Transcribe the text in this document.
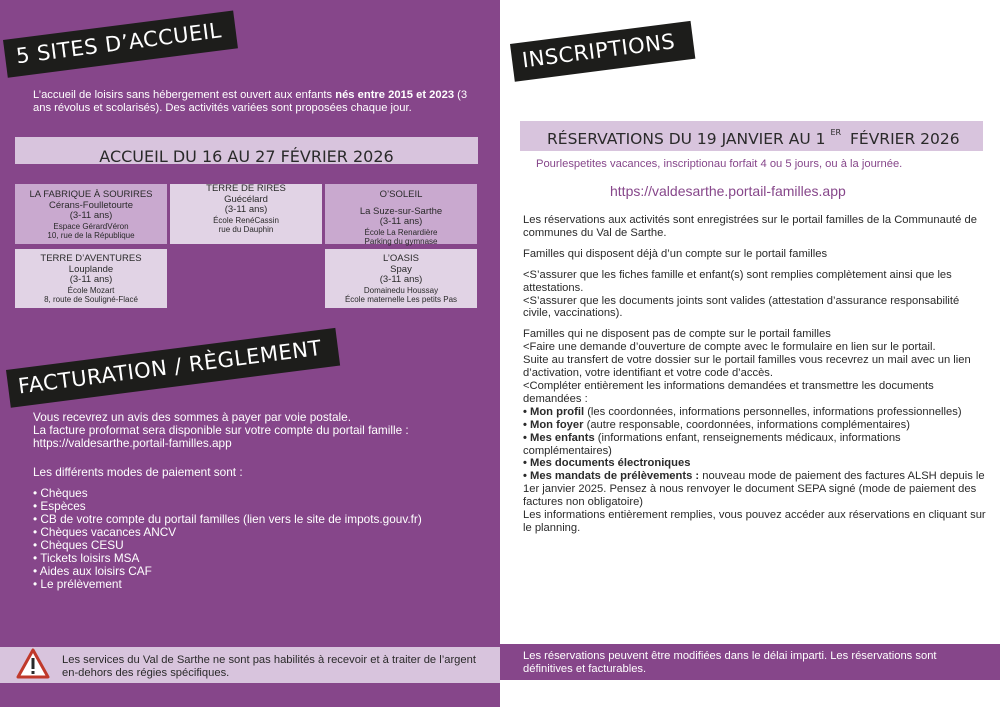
5 SITES D’ACCUEIL
L’accueil de loisirs sans hébergement est ouvert aux enfants nés entre 2015 et 2023 (3 ans révolus et scolarisés). Des activités variées sont proposées chaque jour.
ACCUEIL DU 16 AU 27 FÉVRIER 2026
LA FABRIQUE À SOURIRES
Cérans-Foulletourte
(3-11 ans)
Espace GérardVéron
10, rue de la République
TERRE DE RIRES
Guécélard
(3-11 ans)
École RenéCassin
rue du Dauphin
O’SOLEIL
La Suze-sur-Sarthe
(3-11 ans)
École La Renardière
Parking du gymnase
TERRE D’AVENTURES
Louplande
(3-11 ans)
École Mozart
8, route de Souligné-Flacé
L’OASIS
Spay
(3-11 ans)
Domainedu Houssay
École maternelle Les petits Pas
FACTURATION / RÈGLEMENT
Vous recevrez un avis des sommes à payer par voie postale.
La facture proformat sera disponible sur votre compte du portail famille :
https://valdesarthe.portail-familles.app
Les différents modes de paiement sont :
• Chèques
• Espèces
• CB de votre compte du portail familles (lien vers le site de impots.gouv.fr)
• Chèques vacances ANCV
• Chèques CESU
• Tickets loisirs MSA
• Aides aux loisirs CAF
• Le prélèvement
Les services du Val de Sarthe ne sont pas habilités à recevoir et à traiter de l’argent en-dehors des régies spécifiques.
INSCRIPTIONS
RÉSERVATIONS DU 19 JANVIER AU 1 $^{ER}$ FÉVRIER 2026
Pourlespetites vacances, inscriptionau forfait 4 ou 5 jours, ou à la journée.
https://valdesarthe.portail-familles.app

Les réservations aux activités sont enregistrées sur le portail familles de la Communauté de communes du Val de Sarthe.

Familles qui disposent déjà d’un compte sur le portail familles

<S’assurer que les fiches famille et enfant(s) sont remplies complètement ainsi que les attestations.

<S’assurer que les documents joints sont valides (attestation d’assurance responsabilité civile, vaccinations).

Familles qui ne disposent pas de compte sur le portail familles

<Faire une demande d’ouverture de compte avec le formulaire en lien sur le portail.

Suite au transfert de votre dossier sur le portail familles vous recevrez un mail avec un lien d’activation, votre identifiant et votre code d’accès.

<Compléter entièrement les informations demandées et transmettre les documents demandées :

• Mon profil (les coordonnées, informations personnelles, informations professionnelles)

• Mon foyer (autre responsable, coordonnées, informations complémentaires)

• Mes enfants (informations enfant, renseignements médicaux, informations complémentaires)

• Mes documents électroniques

• Mes mandats de prélèvements : nouveau mode de paiement des factures ALSH depuis le 1er janvier 2025. Pensez à nous renvoyer le document SEPA signé (mode de paiement des factures non obligatoire)

Les informations entièrement remplies, vous pouvez accéder aux réservations en cliquant sur le planning.

Les réservations peuvent être modifiées dans le délai imparti. Les réservations sont définitives et facturables.
